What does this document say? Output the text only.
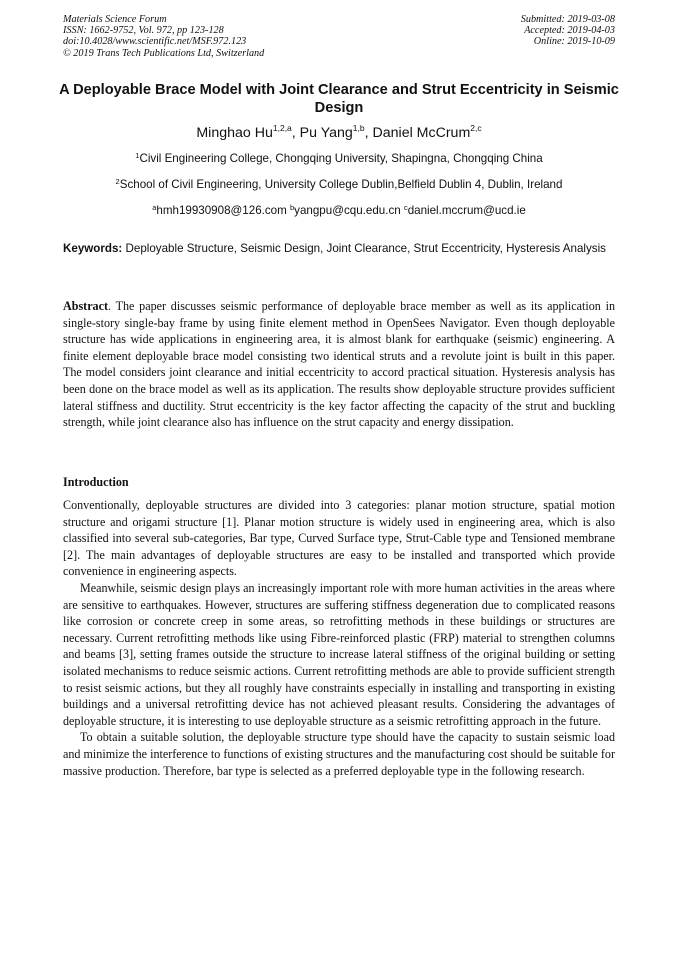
Materials Science Forum
ISSN: 1662-9752, Vol. 972, pp 123-128
doi:10.4028/www.scientific.net/MSF.972.123
© 2019 Trans Tech Publications Ltd, Switzerland
Submitted: 2019-03-08
Accepted: 2019-04-03
Online: 2019-10-09
A Deployable Brace Model with Joint Clearance and Strut Eccentricity in Seismic Design
Minghao Hu$^{1,2,a}$, Pu Yang$^{1,b}$, Daniel McCrum$^{2,c}$
$^1$Civil Engineering College, Chongqing University, Shapingna, Chongqing China
$^2$School of Civil Engineering, University College Dublin,Belfield Dublin 4, Dublin, Ireland
$^a$hmh19930908@126.com $^b$yangpu@cqu.edu.cn $^c$daniel.mccrum@ucd.ie
Keywords: Deployable Structure, Seismic Design, Joint Clearance, Strut Eccentricity, Hysteresis Analysis
Abstract. The paper discusses seismic performance of deployable brace member as well as its application in single-story single-bay frame by using finite element method in OpenSees Navigator. Even though deployable structure has wide applications in engineering area, it is almost blank for earthquake (seismic) engineering. A finite element deployable brace model consisting two identical struts and a revolute joint is built in this paper. The model considers joint clearance and initial eccentricity to accord practical situation. Hysteresis analysis has been done on the brace model as well as its application. The results show deployable structure provides sufficient lateral stiffness and ductility. Strut eccentricity is the key factor affecting the capacity of the strut and buckling strength, while joint clearance also has influence on the strut capacity and energy dissipation.
Introduction

Conventionally, deployable structures are divided into 3 categories: planar motion structure, spatial motion structure and origami structure [1]. Planar motion structure is widely used in engineering area, which is also classified into several sub-categories, Bar type, Curved Surface type, Strut-Cable type and Tensioned membrane [2]. The main advantages of deployable structures are easy to be installed and transported which provide convenience in engineering aspects.

Meanwhile, seismic design plays an increasingly important role with more human activities in the areas where are sensitive to earthquakes. However, structures are suffering stiffness degeneration due to complicated reasons like corrosion or concrete creep in some areas, so retrofitting methods in these buildings or structures are necessary. Current retrofitting methods like using Fibre-reinforced plastic (FRP) material to strengthen columns and beams [3], setting frames outside the structure to increase lateral stiffness of the original building or setting isolated mechanisms to reduce seismic actions. Current retrofitting methods are able to provide sufficient strength to resist seismic actions, but they all roughly have constraints especially in installing and transporting in existing buildings and a universal retrofitting device has not achieved pleasant results. Considering the advantages of deployable structure, it is interesting to use deployable structure as a seismic retrofitting approach in the future.

To obtain a suitable solution, the deployable structure type should have the capacity to sustain seismic load and minimize the interference to functions of existing structures and the manufacturing cost should be suitable for massive production. Therefore, bar type is selected as a preferred deployable type in the following research.
